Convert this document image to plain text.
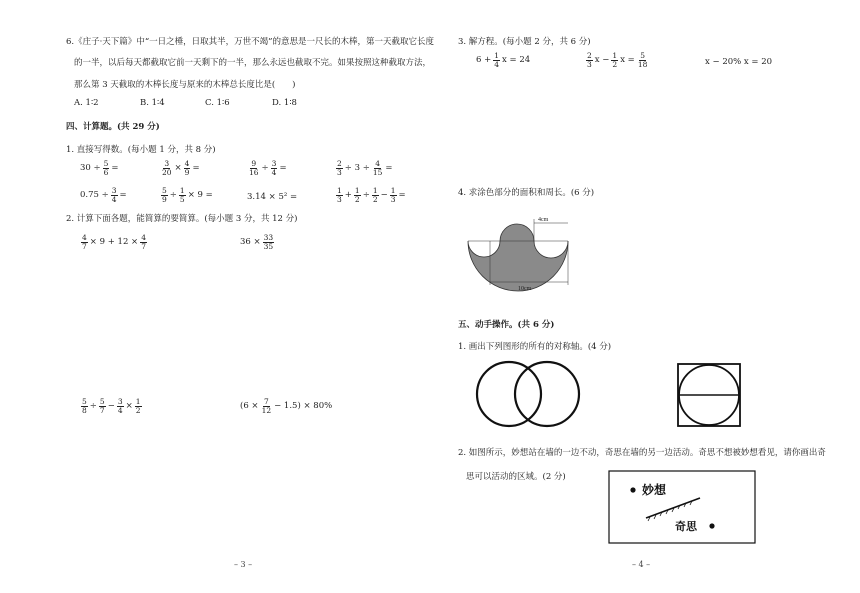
6.《庄子·天下篇》中“一日之棰，日取其半，万世不竭”的意思是一尺长的木棒，第一天截取它长度
的一半，以后每天都截取它前一天剩下的一半，那么永远也截取不完。如果按照这种截取方法，
那么第 3 天截取的木棒长度与原来的木棒总长度比是(　　)
A. 1∶2	B. 1∶4	C. 1∶6	D. 1∶8
四、计算题。(共 29 分)
1. 直接写得数。(每小题 1 分，共 8 分)
$30 \div \frac{5}{6}$ =	$\frac{3}{20} \times \frac{4}{9}$ =	$\frac{9}{16} \div \frac{3}{4}$ =	$\frac{2}{3} \div 3 \div \frac{4}{15}$ =
$0.75 \div \frac{3}{4}$ =	$\frac{5}{9} \div \frac{1}{5} \times 9$ =	3.14 × 5² =	$\frac{1}{3} + \frac{1}{2} \div \frac{1}{2} - \frac{1}{3}$ =
2. 计算下面各题，能简算的要简算。(每小题 3 分，共 12 分)
$\frac{4}{7} \times 9 + 12 \times \frac{4}{7}$	$36 \times \frac{33}{35}$
$\frac{5}{8} \div \frac{5}{7} - \frac{3}{4} \times \frac{1}{2}$	$(6 \times \frac{7}{12} - 1.5) \times 80\%$
– 3 –
3. 解方程。(每小题 2 分，共 6 分)
$6 + \frac{1}{4}$ x = 24	$\frac{2}{3}$ $x - \frac{1}{2}$ $x = \frac{5}{18}$	x − 20% x = 20
4. 求涂色部分的面积和周长。(6 分)
4cm
10cm
五、动手操作。(共 6 分)
1. 画出下列图形的所有的对称轴。(4 分)
2. 如图所示，妙想站在墙的一边不动，奇思在墙的另一边活动。奇思不想被妙想看见，请你画出奇
思可以活动的区域。(2 分)
妙想
奇思
– 4 –
